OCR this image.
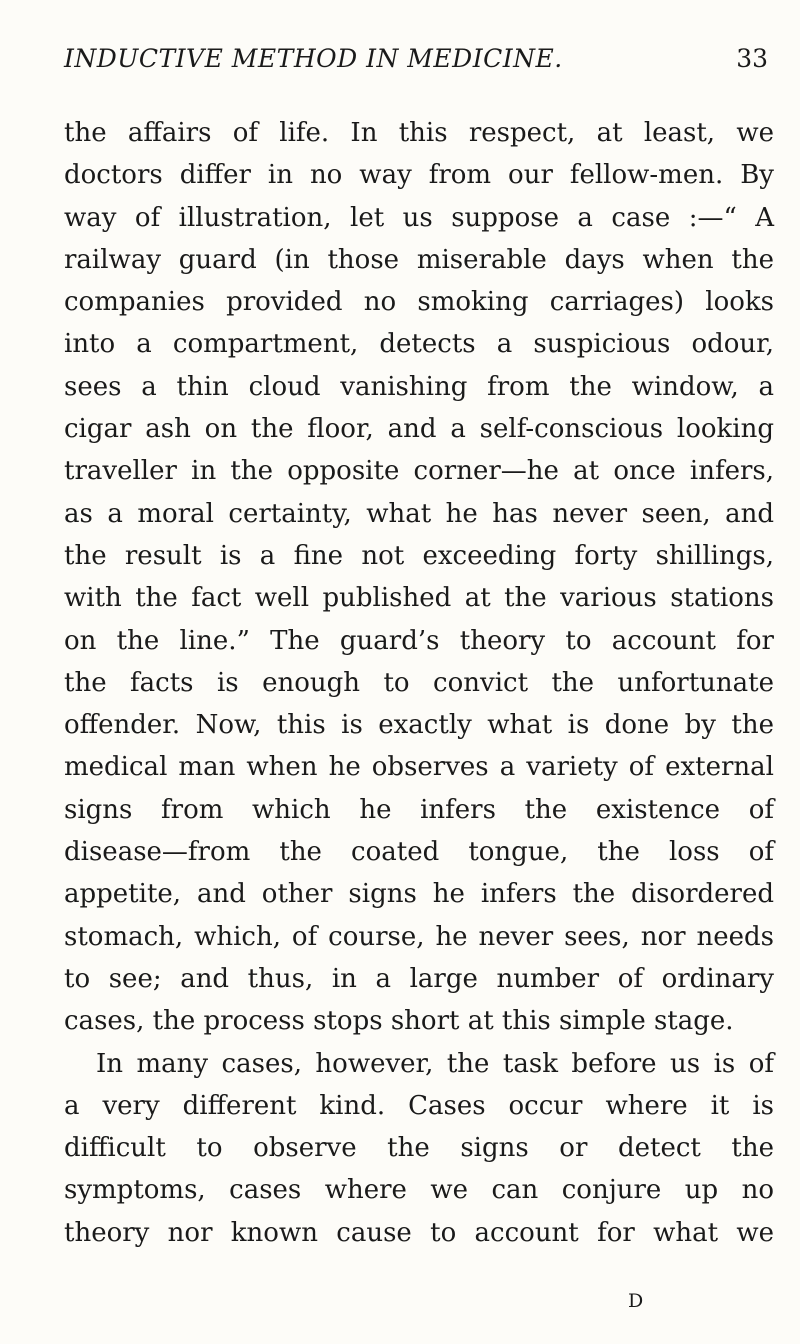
INDUCTIVE METHOD IN MEDICINE.	33
the affairs of life. In this respect, at least, we
doctors differ in no way from our fellow-men. By
way of illustration, let us suppose a case :—“ A
railway guard (in those miserable days when the
companies provided no smoking carriages) looks
into a compartment, detects a suspicious odour,
sees a thin cloud vanishing from the window, a
cigar ash on the floor, and a self-conscious looking
traveller in the opposite corner—he at once infers,
as a moral certainty, what he has never seen, and
the result is a fine not exceeding forty shillings,
with the fact well published at the various stations
on the line.” The guard’s theory to account for
the facts is enough to convict the unfortunate
offender. Now, this is exactly what is done by the
medical man when he observes a variety of external
signs from which he infers the existence of
disease—from the coated tongue, the loss of
appetite, and other signs he infers the disordered
stomach, which, of course, he never sees, nor needs
to see; and thus, in a large number of ordinary
cases, the process stops short at this simple stage.
In many cases, however, the task before us is of
a very different kind. Cases occur where it is
difficult to observe the signs or detect the
symptoms, cases where we can conjure up no
theory nor known cause to account for what we
D
